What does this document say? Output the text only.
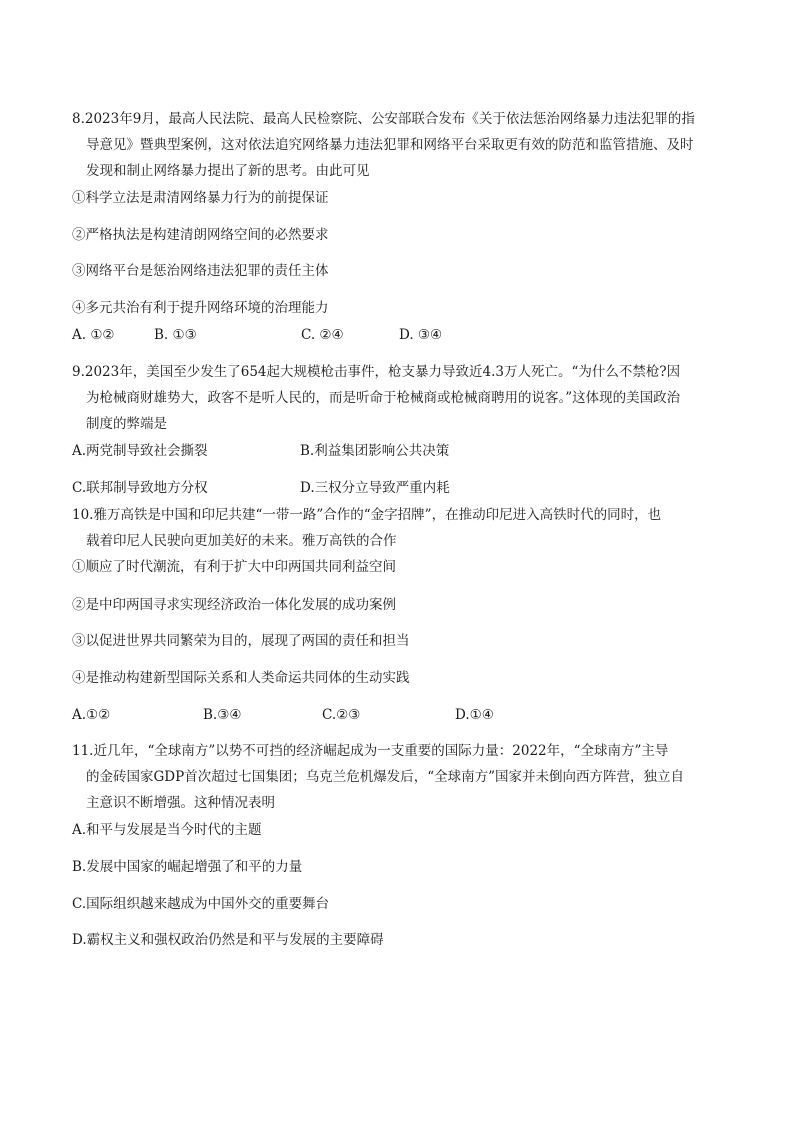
8.2023年9月，最高人民法院、最高人民检察院、公安部联合发布《关于依法惩治网络暴力违法犯罪的指
导意见》暨典型案例，这对依法追究网络暴力违法犯罪和网络平台采取更有效的防范和监管措施、及时
发现和制止网络暴力提出了新的思考。由此可见
①科学立法是肃清网络暴力行为的前提保证
②严格执法是构建清朗网络空间的必然要求
③网络平台是惩治网络违法犯罪的责任主体
④多元共治有利于提升网络环境的治理能力
A. ①②	B. ①③	C. ②④	D. ③④
9.2023年，美国至少发生了654起大规模枪击事件，枪支暴力导致近4.3万人死亡。“为什么不禁枪?因
为枪械商财雄势大，政客不是听人民的，而是听命于枪械商或枪械商聘用的说客。”这体现的美国政治
制度的弊端是
A.两党制导致社会撕裂	B.利益集团影响公共决策
C.联邦制导致地方分权	D.三权分立导致严重内耗
10.雅万高铁是中国和印尼共建“一带一路”合作的“金字招牌”，在推动印尼进入高铁时代的同时，也
载着印尼人民驶向更加美好的未来。雅万高铁的合作
①顺应了时代潮流，有利于扩大中印两国共同利益空间
②是中印两国寻求实现经济政治一体化发展的成功案例
③以促进世界共同繁荣为目的，展现了两国的责任和担当
④是推动构建新型国际关系和人类命运共同体的生动实践
A.①②	B.③④	C.②③	D.①④
11.近几年，“全球南方”以势不可挡的经济崛起成为一支重要的国际力量：2022年，“全球南方”主导
的金砖国家GDP首次超过七国集团；乌克兰危机爆发后，“全球南方”国家并未倒向西方阵营，独立自
主意识不断增强。这种情况表明
A.和平与发展是当今时代的主题
B.发展中国家的崛起增强了和平的力量
C.国际组织越来越成为中国外交的重要舞台
D.霸权主义和强权政治仍然是和平与发展的主要障碍
